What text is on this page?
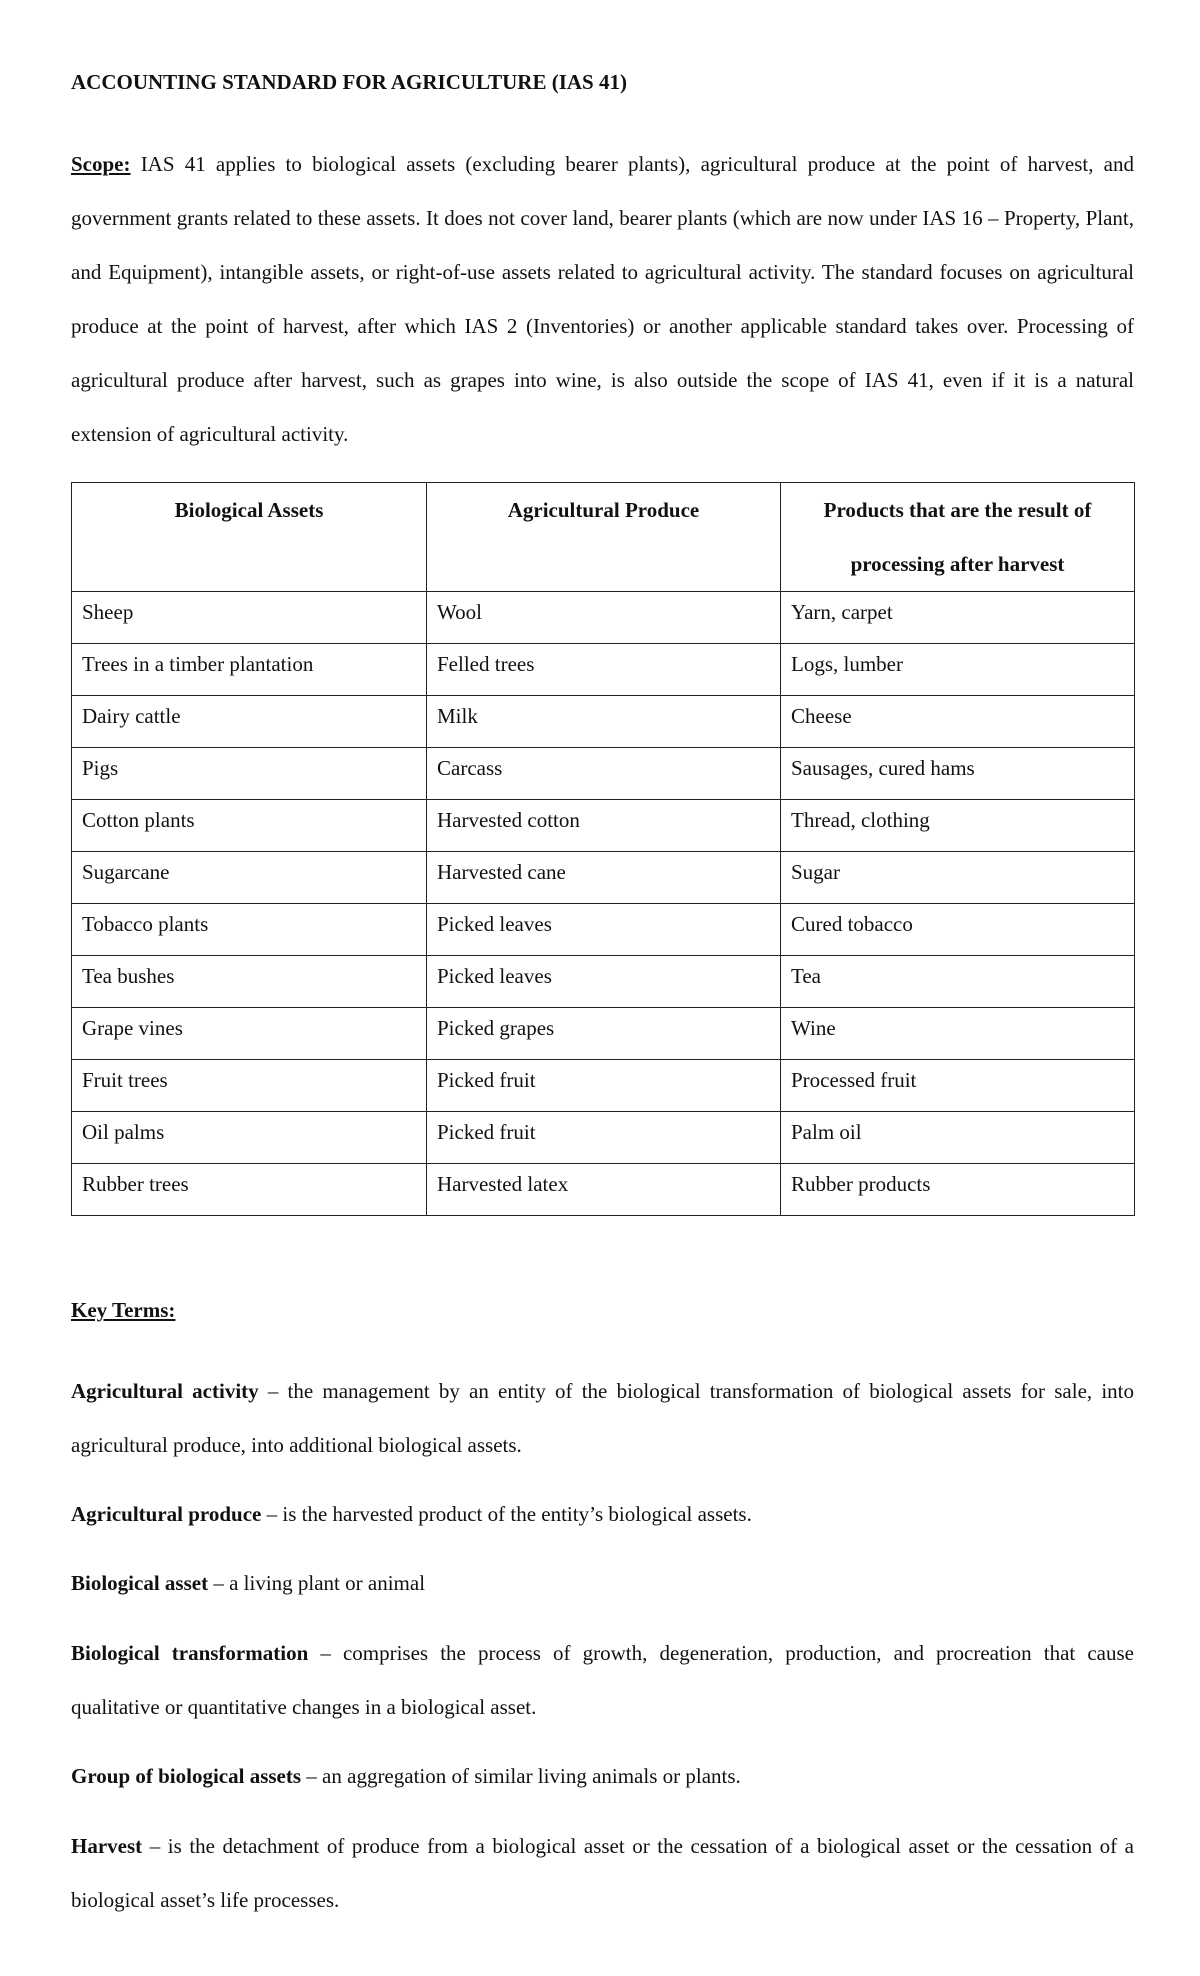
ACCOUNTING STANDARD FOR AGRICULTURE (IAS 41)

Scope: IAS 41 applies to biological assets (excluding bearer plants), agricultural produce at the point of harvest, and government grants related to these assets. It does not cover land, bearer plants (which are now under IAS 16 – Property, Plant, and Equipment), intangible assets, or right-of-use assets related to agricultural activity. The standard focuses on agricultural produce at the point of harvest, after which IAS 2 (Inventories) or another applicable standard takes over. Processing of agricultural produce after harvest, such as grapes into wine, is also outside the scope of IAS 41, even if it is a natural extension of agricultural activity.

Biological Assets	Agricultural Produce	Products that are the result of processing after harvest
Sheep	Wool	Yarn, carpet
Trees in a timber plantation	Felled trees	Logs, lumber
Dairy cattle	Milk	Cheese
Pigs	Carcass	Sausages, cured hams
Cotton plants	Harvested cotton	Thread, clothing
Sugarcane	Harvested cane	Sugar
Tobacco plants	Picked leaves	Cured tobacco
Tea bushes	Picked leaves	Tea
Grape vines	Picked grapes	Wine
Fruit trees	Picked fruit	Processed fruit
Oil palms	Picked fruit	Palm oil
Rubber trees	Harvested latex	Rubber products
Key Terms:

Agricultural activity – the management by an entity of the biological transformation of biological assets for sale, into agricultural produce, into additional biological assets.

Agricultural produce – is the harvested product of the entity’s biological assets.

Biological asset – a living plant or animal

Biological transformation – comprises the process of growth, degeneration, production, and procreation that cause qualitative or quantitative changes in a biological asset.

Group of biological assets – an aggregation of similar living animals or plants.

Harvest – is the detachment of produce from a biological asset or the cessation of a biological asset or the cessation of a biological asset’s life processes.
